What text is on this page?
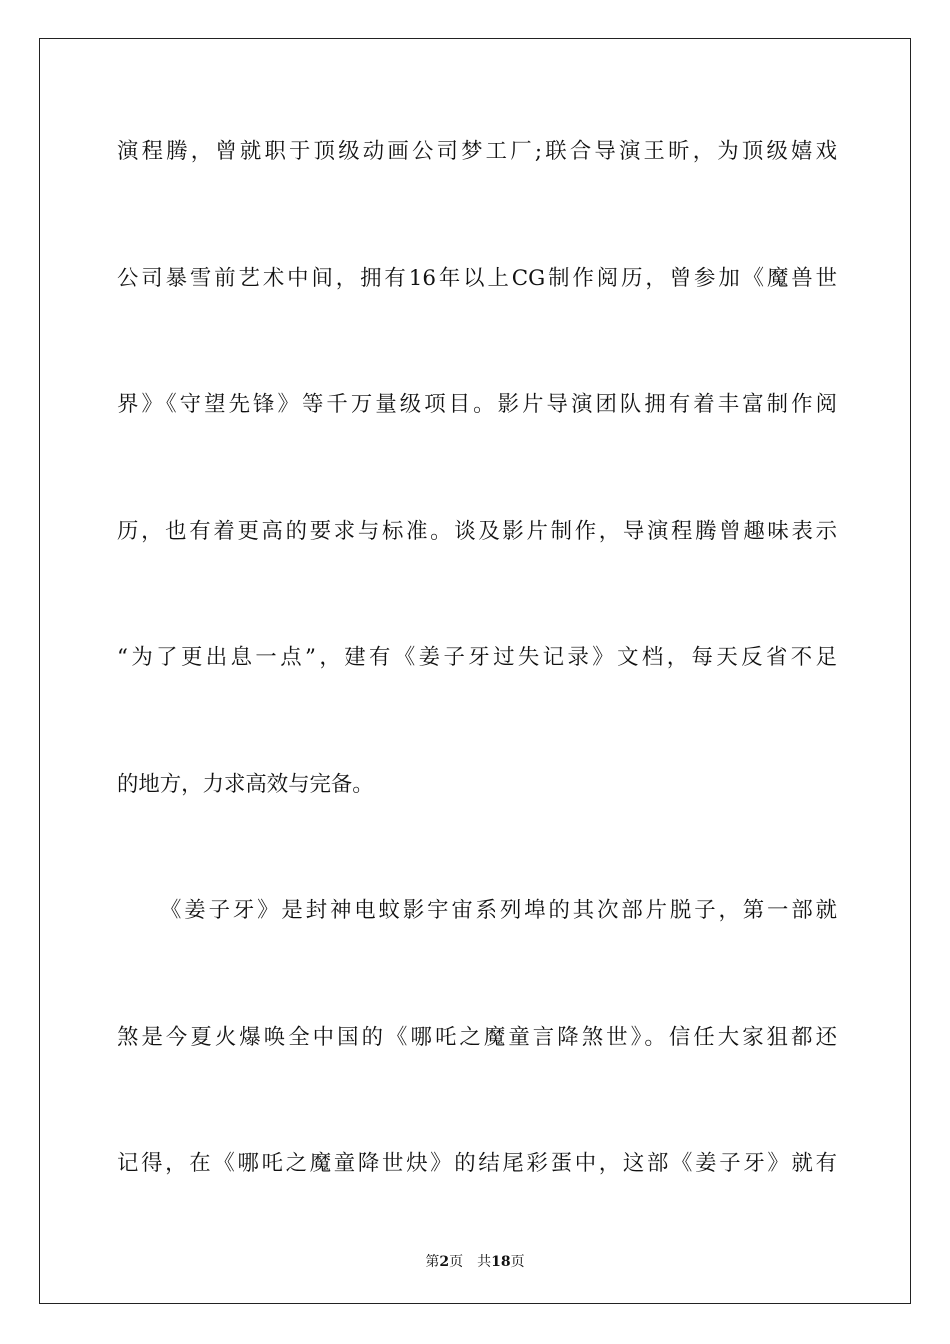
演程腾，曾就职于顶级动画公司梦工厂;联合导演王昕，为顶级嬉戏
公司暴雪前艺术中间，拥有16年以上CG制作阅历，曾参加《魔兽世
界》《守望先锋》等千万量级项目。影片导演团队拥有着丰富制作阅
历，也有着更高的要求与标准。谈及影片制作，导演程腾曾趣味表示
“为了更出息一点”，建有《姜子牙过失记录》文档，每天反省不足
的地方，力求高效与完备。
《姜子牙》是封神电蚊影宇宙系列埠的其次部片脱子，第一部就
煞是今夏火爆唤全中国的《哪吒之魔童言降煞世》。信任大家狙都还
记得，在《哪吒之魔童降世炔》的结尾彩蛋中，这部《姜子牙》就有
第2页 共18页
